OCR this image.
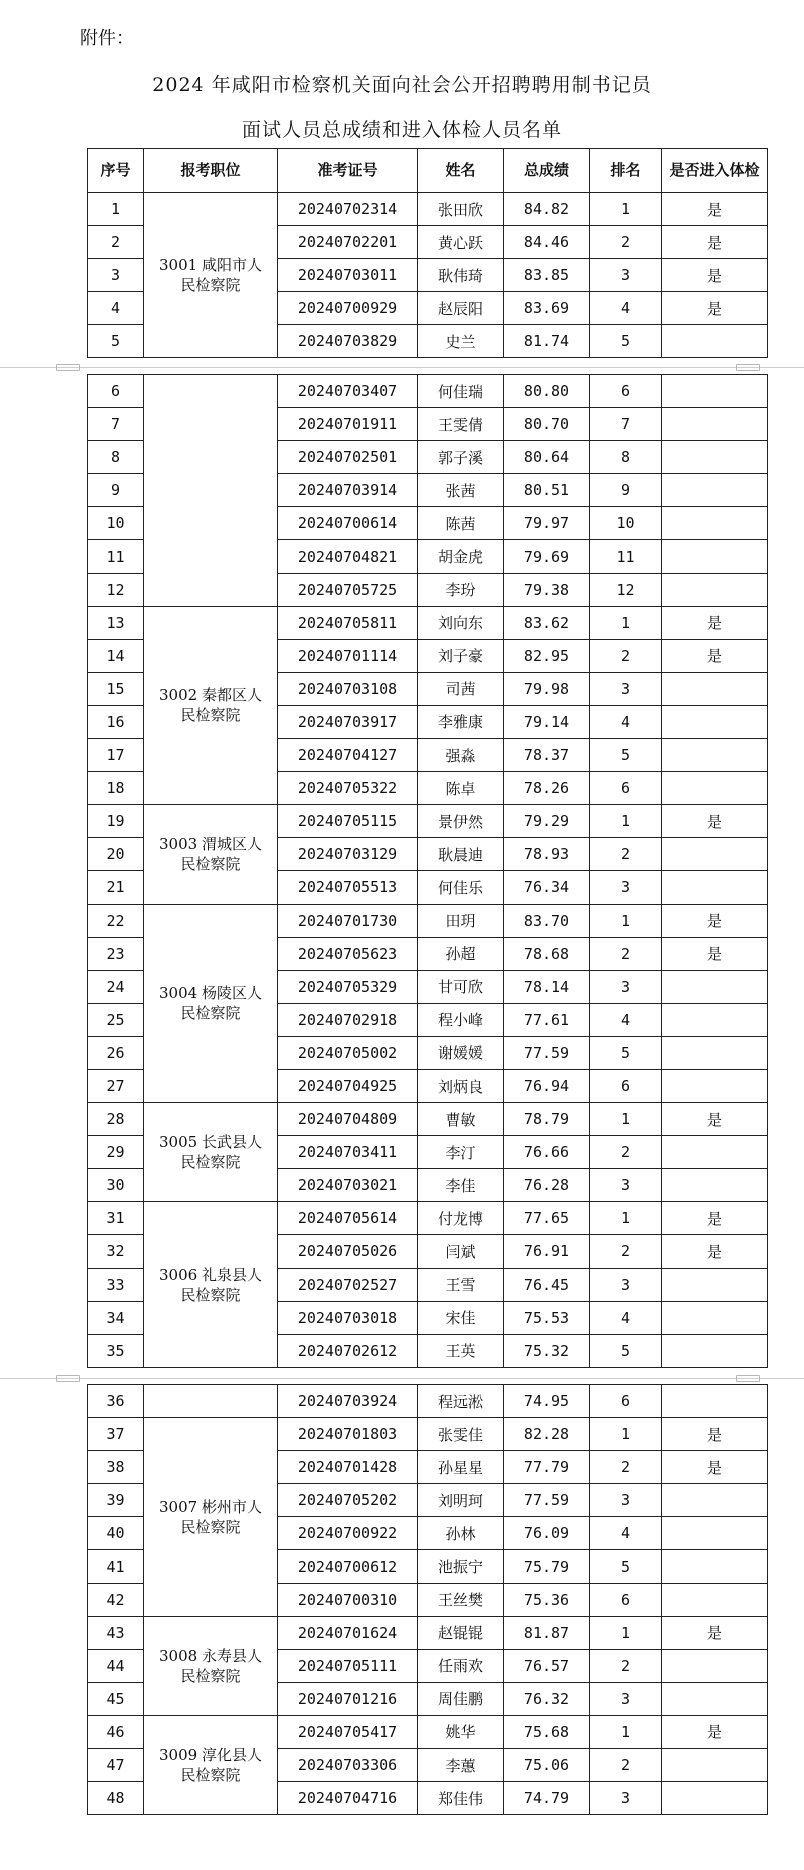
附件：
2024 年咸阳市检察机关面向社会公开招聘聘用制书记员
面试人员总成绩和进入体检人员名单
序号	报考职位	准考证号	姓名	总成绩	排名	是否进入体检
1	3001 咸阳市人民检察院	20240702314	张田欣	84.82	1	是
2		20240702201	黄心跃	84.46	2	是
3		20240703011	耿伟琦	83.85	3	是
4		20240700929	赵辰阳	83.69	4	是
5		20240703829	史兰	81.74	5	
6		20240703407	何佳瑞	80.80	6	
7		20240701911	王雯倩	80.70	7	
8		20240702501	郭子溪	80.64	8	
9		20240703914	张茜	80.51	9	
10		20240700614	陈茜	79.97	10	
11		20240704821	胡金虎	79.69	11	
12		20240705725	李玢	79.38	12	
13	3002 秦都区人民检察院	20240705811	刘向东	83.62	1	是
14		20240701114	刘子豪	82.95	2	是
15		20240703108	司茜	79.98	3	
16		20240703917	李雅康	79.14	4	
17		20240704127	强淼	78.37	5	
18		20240705322	陈卓	78.26	6	
19	3003 渭城区人民检察院	20240705115	景伊然	79.29	1	是
20		20240703129	耿晨迪	78.93	2	
21		20240705513	何佳乐	76.34	3	
22	3004 杨陵区人民检察院	20240701730	田玥	83.70	1	是
23		20240705623	孙超	78.68	2	是
24		20240705329	甘可欣	78.14	3	
25		20240702918	程小峰	77.61	4	
26		20240705002	谢媛媛	77.59	5	
27		20240704925	刘炳良	76.94	6	
28	3005 长武县人民检察院	20240704809	曹敏	78.79	1	是
29		20240703411	李汀	76.66	2	
30		20240703021	李佳	76.28	3	
31	3006 礼泉县人民检察院	20240705614	付龙博	77.65	1	是
32		20240705026	闫斌	76.91	2	是
33		20240702527	王雪	76.45	3	
34		20240703018	宋佳	75.53	4	
35		20240702612	王英	75.32	5	
36		20240703924	程远淞	74.95	6	
37	3007 彬州市人民检察院	20240701803	张雯佳	82.28	1	是
38		20240701428	孙星星	77.79	2	是
39		20240705202	刘明珂	77.59	3	
40		20240700922	孙林	76.09	4	
41		20240700612	池振宁	75.79	5	
42		20240700310	王丝樊	75.36	6	
43	3008 永寿县人民检察院	20240701624	赵锟锟	81.87	1	是
44		20240705111	任雨欢	76.57	2	
45		20240701216	周佳鹏	76.32	3	
46	3009 淳化县人民检察院	20240705417	姚华	75.68	1	是
47		20240703306	李蕙	75.06	2	
48		20240704716	郑佳伟	74.79	3	
